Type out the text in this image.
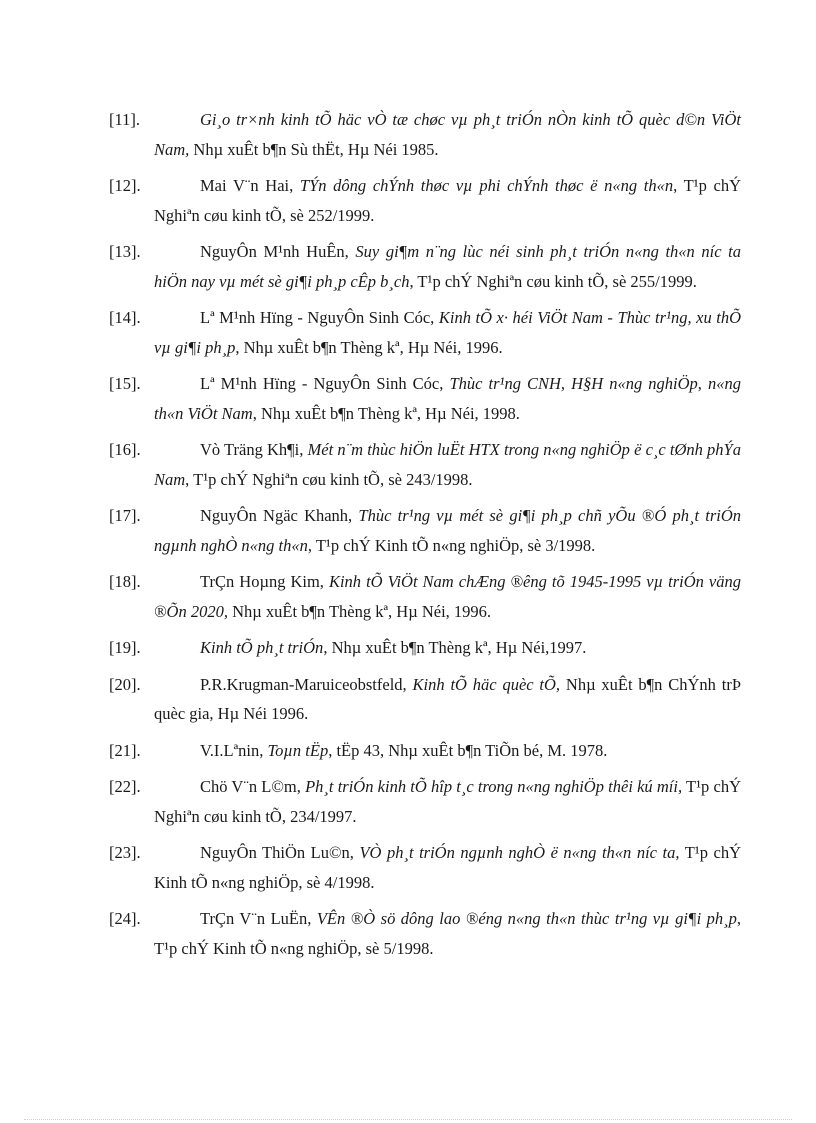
[11].	Gi¸o tr×nh kinh tÕ häc vÒ tæ chøc vµ ph¸t triÓn nÒn kinh tÕ quèc d©n ViÖt Nam, Nhµ xuÊt b¶n Sù thËt, Hµ Néi 1985.
[12].	Mai V¨n Hai, TÝn dông chÝnh thøc vµ phi chÝnh thøc ë n«ng th«n, T¹p chÝ Nghiªn cøu kinh tÕ, sè 252/1999.
[13].	NguyÔn M¹nh HuÊn, Suy gi¶m n¨ng lùc néi sinh ph¸t triÓn n«ng th«n níc ta hiÖn nay vµ mét sè gi¶i ph¸p cÊp b¸ch, T¹p chÝ Nghiªn cøu kinh tÕ, sè 255/1999.
[14].	Lª M¹nh Hïng - NguyÔn Sinh Cóc, Kinh tÕ x· héi ViÖt Nam - Thùc tr¹ng, xu thÕ vµ gi¶i ph¸p, Nhµ xuÊt b¶n Thèng kª, Hµ Néi, 1996.
[15].	Lª M¹nh Hïng - NguyÔn Sinh Cóc, Thùc tr¹ng CNH, H§H n«ng nghiÖp, n«ng th«n ViÖt Nam, Nhµ xuÊt b¶n Thèng kª, Hµ Néi, 1998.
[16].	Vò Träng Kh¶i, Mét n¨m thùc hiÖn luËt HTX trong n«ng nghiÖp ë c¸c tØnh phÝa Nam, T¹p chÝ Nghiªn cøu kinh tÕ, sè 243/1998.
[17].	NguyÔn Ngäc Khanh, Thùc tr¹ng vµ mét sè gi¶i ph¸p chñ yÕu ®Ó ph¸t triÓn ngµnh nghÒ n«ng th«n, T¹p chÝ Kinh tÕ n«ng nghiÖp, sè 3/1998.
[18].	TrÇn Hoµng Kim, Kinh tÕ ViÖt Nam chÆng ®êng tõ 1945-1995 vµ triÓn väng ®Õn 2020, Nhµ xuÊt b¶n Thèng kª, Hµ Néi, 1996.
[19].	Kinh tÕ ph¸t triÓn, Nhµ xuÊt b¶n Thèng kª, Hµ Néi,1997.
[20].	P.R.Krugman-Maruiceobstfeld, Kinh tÕ häc quèc tÕ, Nhµ xuÊt b¶n ChÝnh trÞ quèc gia, Hµ Néi 1996.
[21].	V.I.Lªnin, Toµn tËp, tËp 43, Nhµ xuÊt b¶n TiÕn bé, M. 1978.
[22].	Chö V¨n L©m, Ph¸t triÓn kinh tÕ hîp t¸c trong n«ng nghiÖp thêi kú míi, T¹p chÝ Nghiªn cøu kinh tÕ, 234/1997.
[23].	NguyÔn ThiÖn Lu©n, VÒ ph¸t triÓn ngµnh nghÒ ë n«ng th«n níc ta, T¹p chÝ Kinh tÕ n«ng nghiÖp, sè 4/1998.
[24].	TrÇn V¨n LuËn, VÊn ®Ò sö dông lao ®éng n«ng th«n thùc tr¹ng vµ gi¶i ph¸p, T¹p chÝ Kinh tÕ n«ng nghiÖp, sè 5/1998.
